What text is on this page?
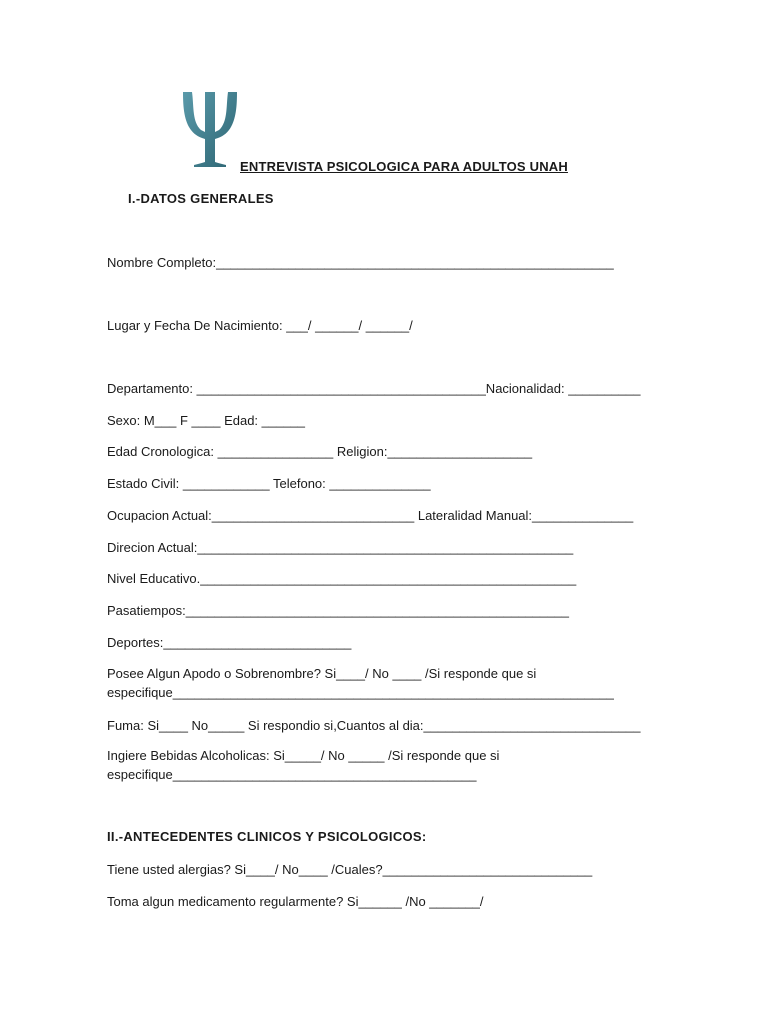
ENTREVISTA PSICOLOGICA PARA ADULTOS UNAH
I.-DATOS GENERALES
Nombre Completo:_______________________________________________________
Lugar y Fecha De Nacimiento: ___/ ______/ ______/
Departamento: ________________________________________Nacionalidad: __________
Sexo: M___ F ____ Edad: ______
Edad Cronologica: ________________ Religion:____________________
Estado Civil: ____________ Telefono: ______________
Ocupacion Actual:____________________________ Lateralidad Manual:______________
Direcion Actual:____________________________________________________
Nivel Educativo.____________________________________________________
Pasatiempos:_____________________________________________________
Deportes:__________________________
Posee Algun Apodo o Sobrenombre? Si____/ No ____ /Si responde que si
especifique_____________________________________________________________
Fuma: Si____ No_____ Si respondio si,Cuantos al dia:______________________________
Ingiere Bebidas Alcoholicas: Si_____/ No _____ /Si responde que si
especifique__________________________________________
II.-ANTECEDENTES CLINICOS Y PSICOLOGICOS:
Tiene usted alergias? Si____/ No____ /Cuales?_____________________________
Toma algun medicamento regularmente? Si______ /No _______/
